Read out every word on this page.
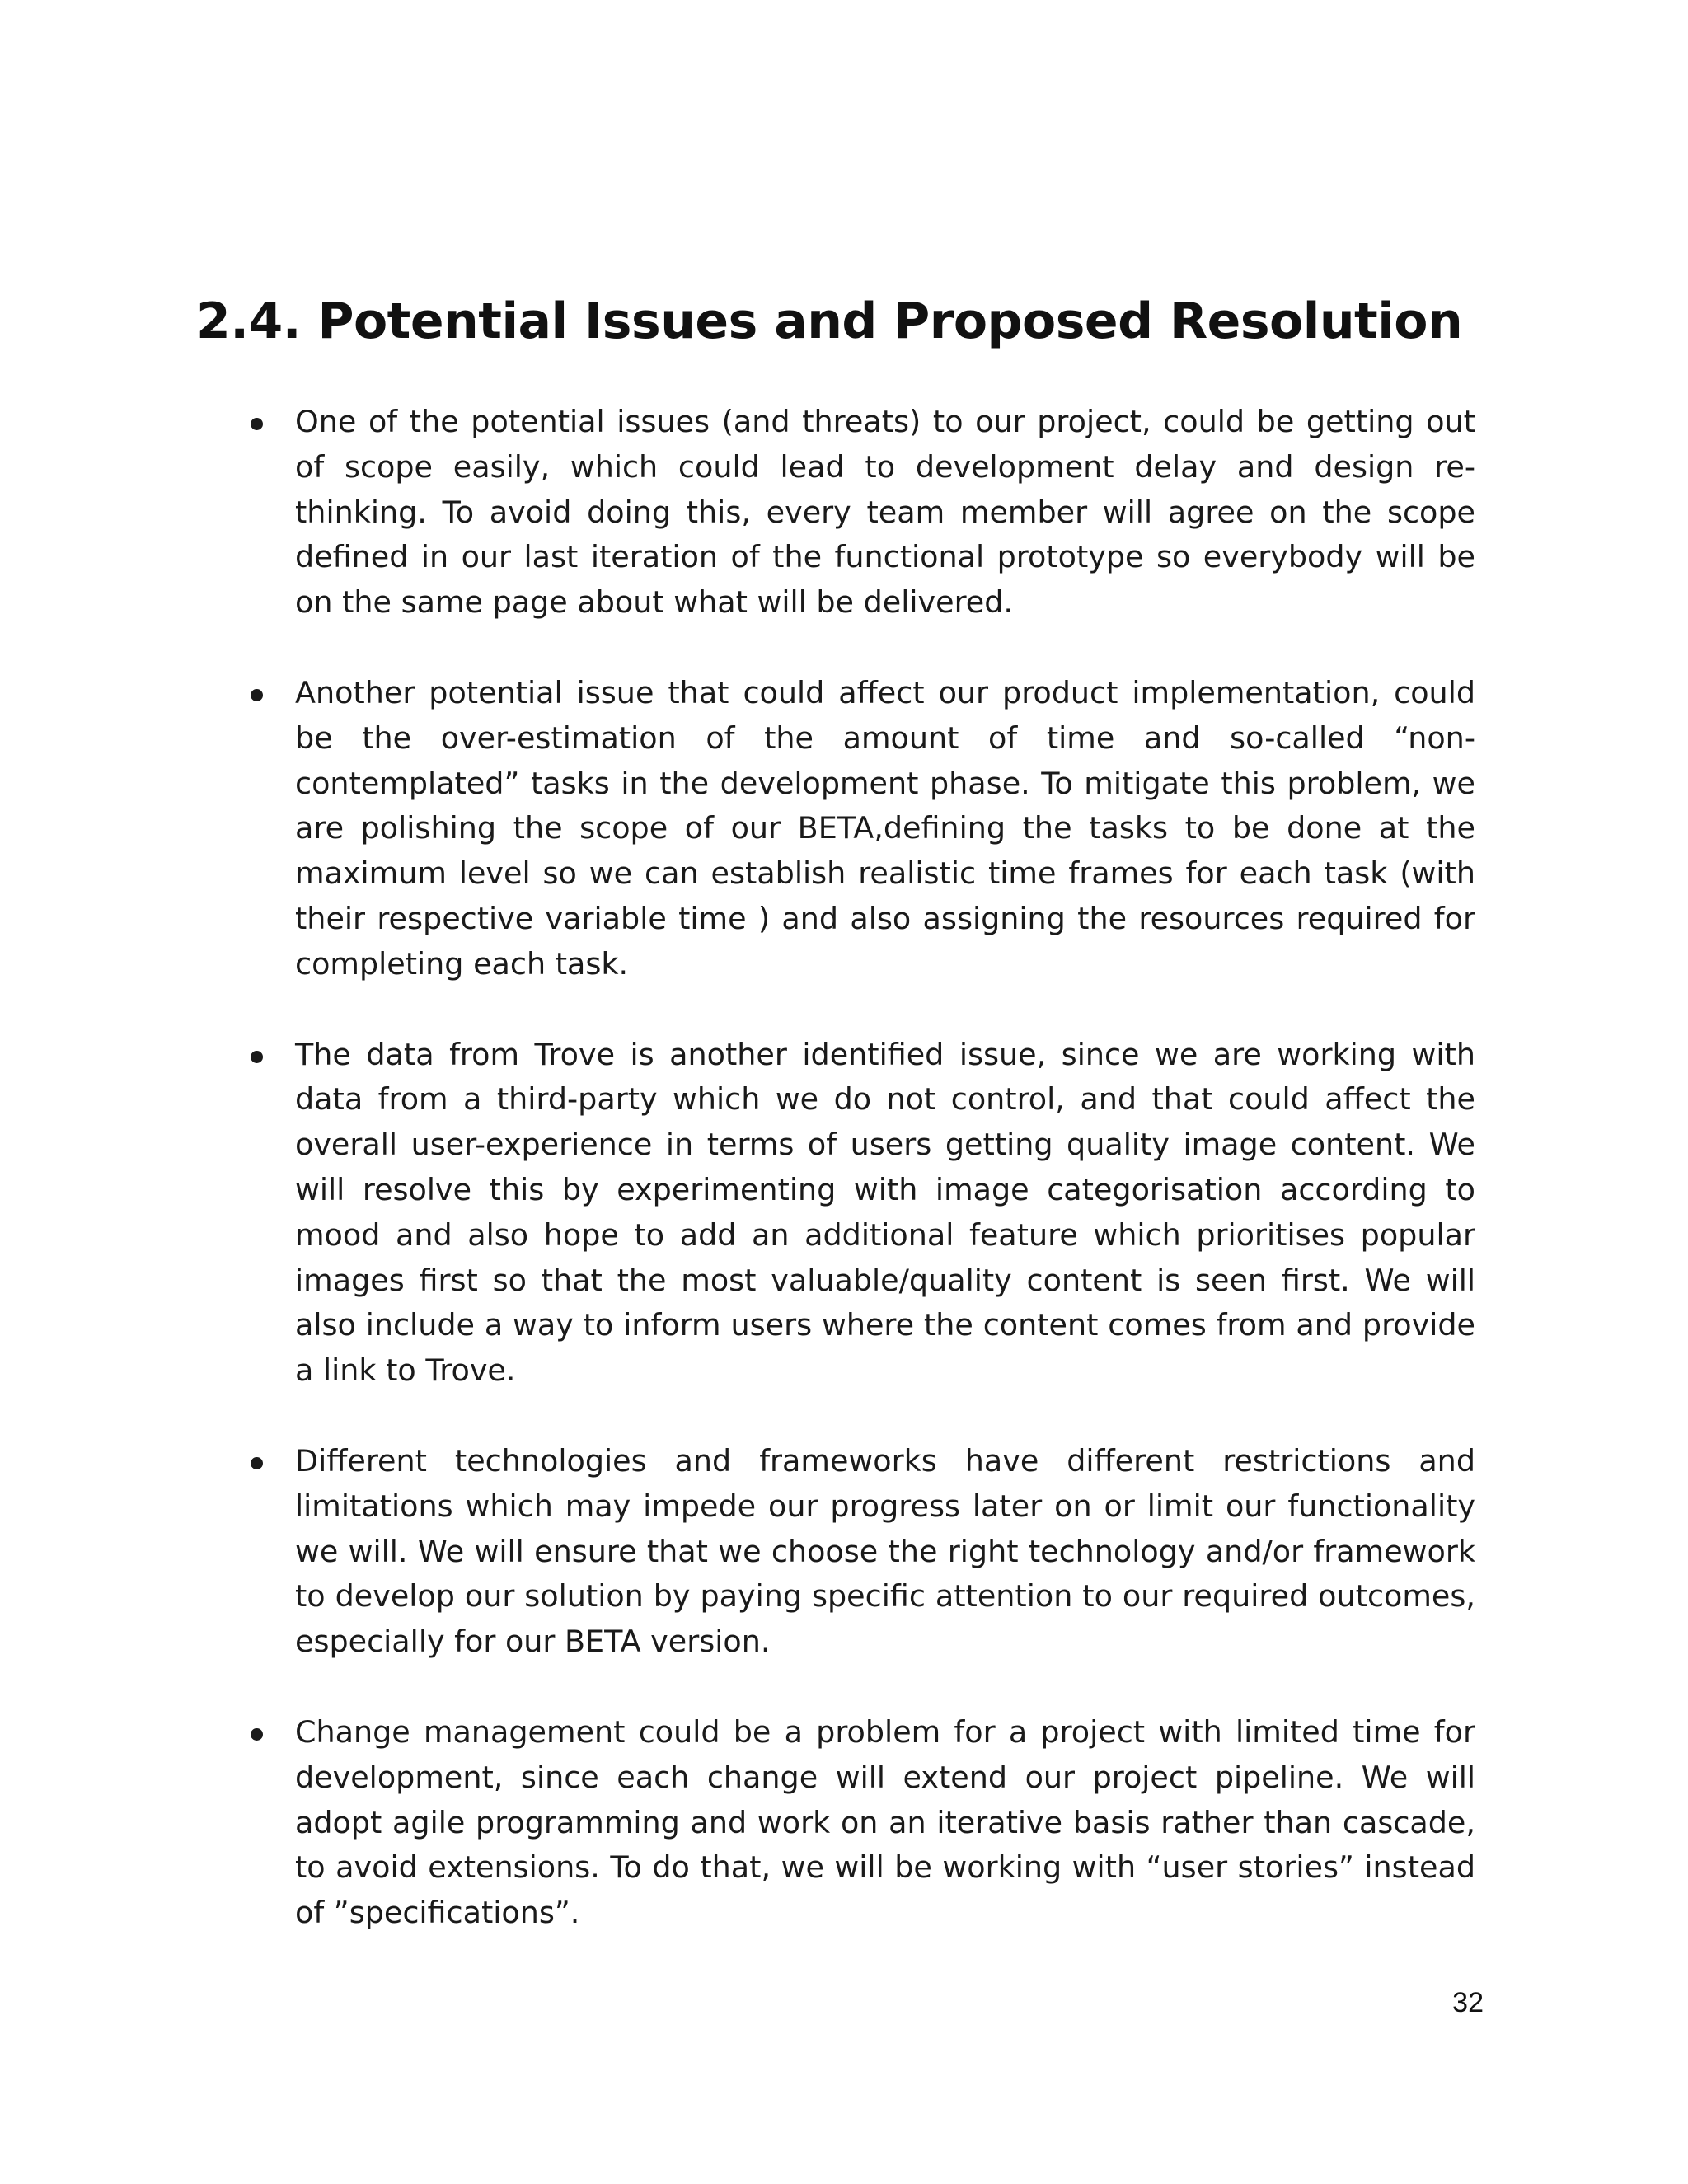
2.4. Potential Issues and Proposed Resolution
One of the potential issues (and threats) to our project, could be getting out of scope easily, which could lead to development delay and design re-thinking. To avoid doing this, every team member will agree on the scope defined in our last iteration of the functional prototype so everybody will be on the same page about what will be delivered.
Another potential issue that could affect our product implementation, could be the over-estimation of the amount of time and so-called “non-contemplated” tasks in the development phase. To mitigate this problem, we are polishing the scope of our BETA,defining the tasks to be done at the maximum level so we can establish realistic time frames for each task (with their respective variable time ) and also assigning the resources required for completing each task.
The data from Trove is another identified issue, since we are working with data from a third-party which we do not control, and that could affect the overall user-experience in terms of users getting quality image content. We will resolve this by experimenting with image categorisation according to mood and also hope to add an additional feature which prioritises popular images first so that the most valuable/quality content is seen first. We will also include a way to inform users where the content comes from and provide a link to Trove.
Different technologies and frameworks have different restrictions and limitations which may impede our progress later on or limit our functionality we will. We will ensure that we choose the right technology and/or framework to develop our solution by paying specific attention to our required outcomes, especially for our BETA version.
Change management could be a problem for a project with limited time for development, since each change will extend our project pipeline. We will adopt agile programming and work on an iterative basis rather than cascade, to avoid extensions. To do that, we will be working with “user stories” instead of ”specifications”.
32
